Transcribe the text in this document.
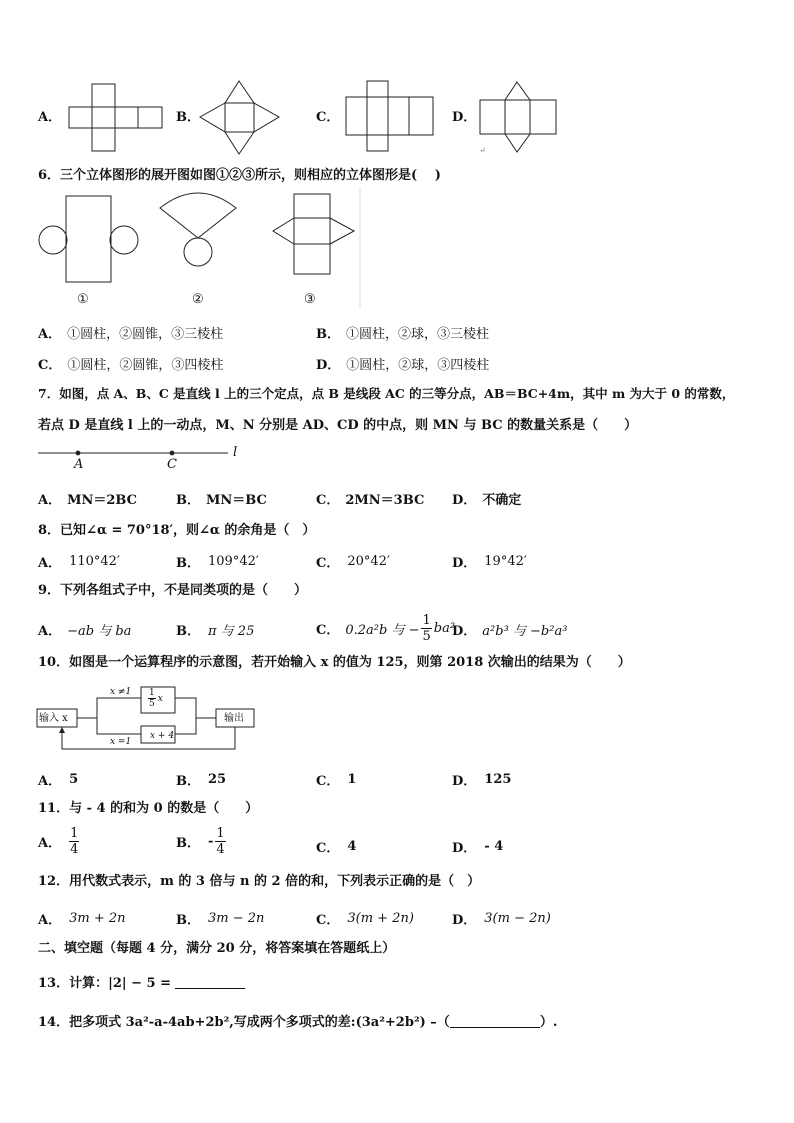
A．	B．	C．	D．
↵
6．三个立体图形的展开图如图①②③所示，则相应的立体图形是(　 )
①	②	③
A． ①圆柱，②圆锥，③三棱柱	B． ①圆柱，②球，③三棱柱
C． ①圆柱，②圆锥，③四棱柱	D． ①圆柱，②球，③四棱柱
7．如图，点 A、B、C 是直线 l 上的三个定点，点 B 是线段 AC 的三等分点，AB＝BC+4m，其中 m 为大于 0 的常数，
若点 D 是直线 l 上的一动点，M、N 分别是 AD、CD 的中点，则 MN 与 BC 的数量关系是（　　）
A	C
l
A． MN＝2BC	B． MN＝BC	C． 2MN＝3BC D． 不确定
8．已知∠α = 70°18′， 则∠α 的余角是（　）
A． 110°42′	B． 109°42′	C． 20°42′	D． 19°42′
9．下列各组式子中，不是同类项的是（　　）
A． −ab 与 ba	B． π 与 25	C． 0.2a²b 与 − $\frac{1}{5} ba^2$
D． a²b³ 与 −b²a³
10．如图是一个运算程序的示意图，若开始输入 x 的值为 125，则第 2018 次输出的结果为（　　）
输入 x	输出
x ≠1
x =1
$\frac{1}{5}$ x
x + 4
A． 5	B． 25	C． 1	D． 125
11．与 - 4 的和为 0 的数是（　　）
A． $\frac{1}{4}$	B． - $\frac{1}{4}$	C． 4	D． - 4
12．用代数式表示，m 的 3 倍与 n 的 2 倍的和，下列表示正确的是（　）
A． 3m + 2n	B． 3m − 2n	C． 3(m + 2n)	D． 3(m − 2n)
二、填空题（每题 4 分，满分 20 分，将答案填在答题纸上）
13．计算：|2| − 5 =
14．把多项式 3a²-a-4ab+2b²,写成两个多项式的差:(3a²+2b²) –（	）.
